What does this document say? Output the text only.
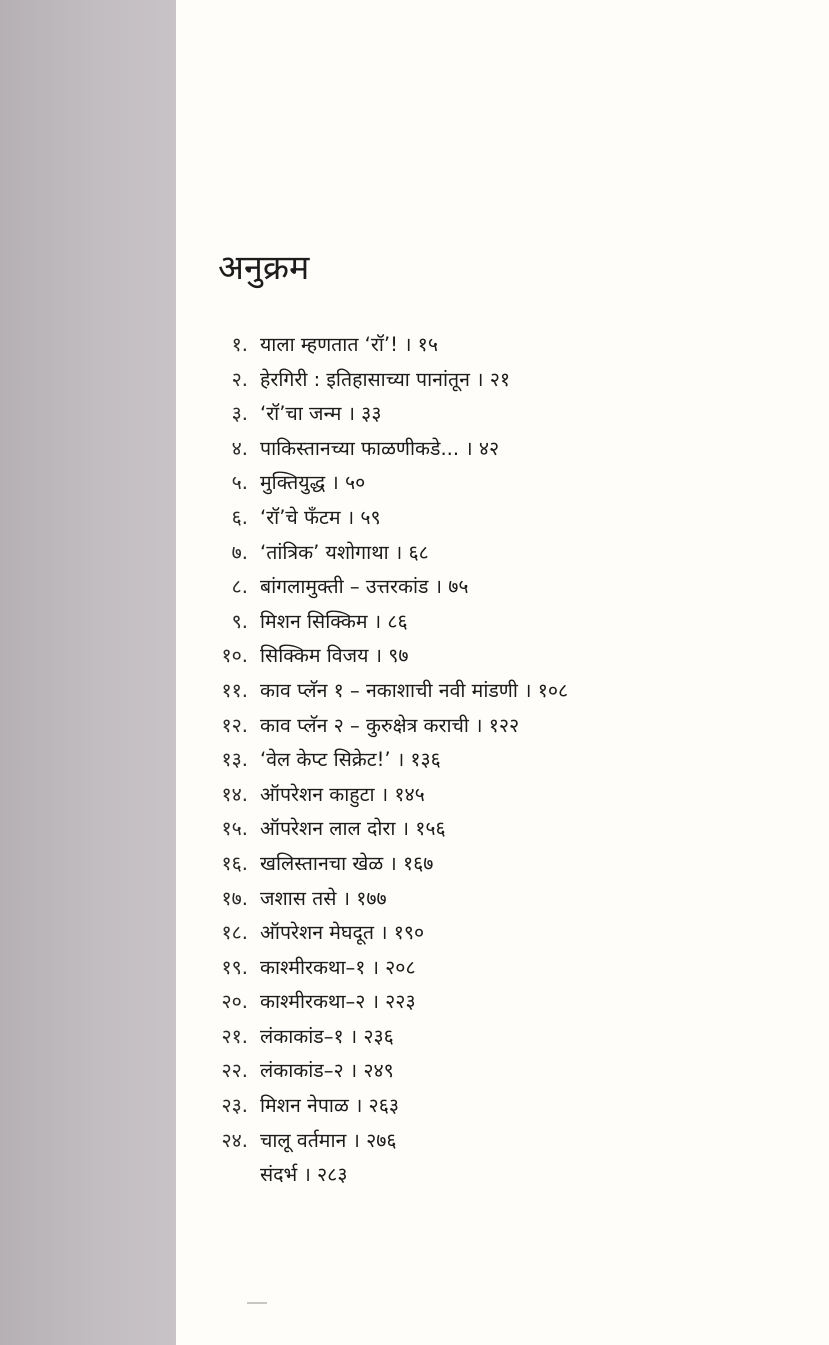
अनुक्रम
१. याला म्हणतात ‘रॉ’! । १५
२. हेरगिरी : इतिहासाच्या पानांतून । २१
३. ‘रॉ’चा जन्म । ३३
४. पाकिस्तानच्या फाळणीकडे... । ४२
५. मुक्तियुद्ध । ५०
६. ‘रॉ’चे फँटम । ५९
७. ‘तांत्रिक’ यशोगाथा । ६८
८. बांगलामुक्ती – उत्तरकांड । ७५
९. मिशन सिक्किम । ८६
१०. सिक्किम विजय । ९७
११. काव प्लॅन १ – नकाशाची नवी मांडणी । १०८
१२. काव प्लॅन २ – कुरुक्षेत्र कराची । १२२
१३. ‘वेल केप्ट सिक्रेट!’ । १३६
१४. ऑपरेशन काहुटा । १४५
१५. ऑपरेशन लाल दोरा । १५६
१६. खलिस्तानचा खेळ । १६७
१७. जशास तसे । १७७
१८. ऑपरेशन मेघदूत । १९०
१९. काश्मीरकथा–१ । २०८
२०. काश्मीरकथा–२ । २२३
२१. लंकाकांड–१ । २३६
२२. लंकाकांड–२ । २४९
२३. मिशन नेपाळ । २६३
२४. चालू वर्तमान । २७६
संदर्भ । २८३
